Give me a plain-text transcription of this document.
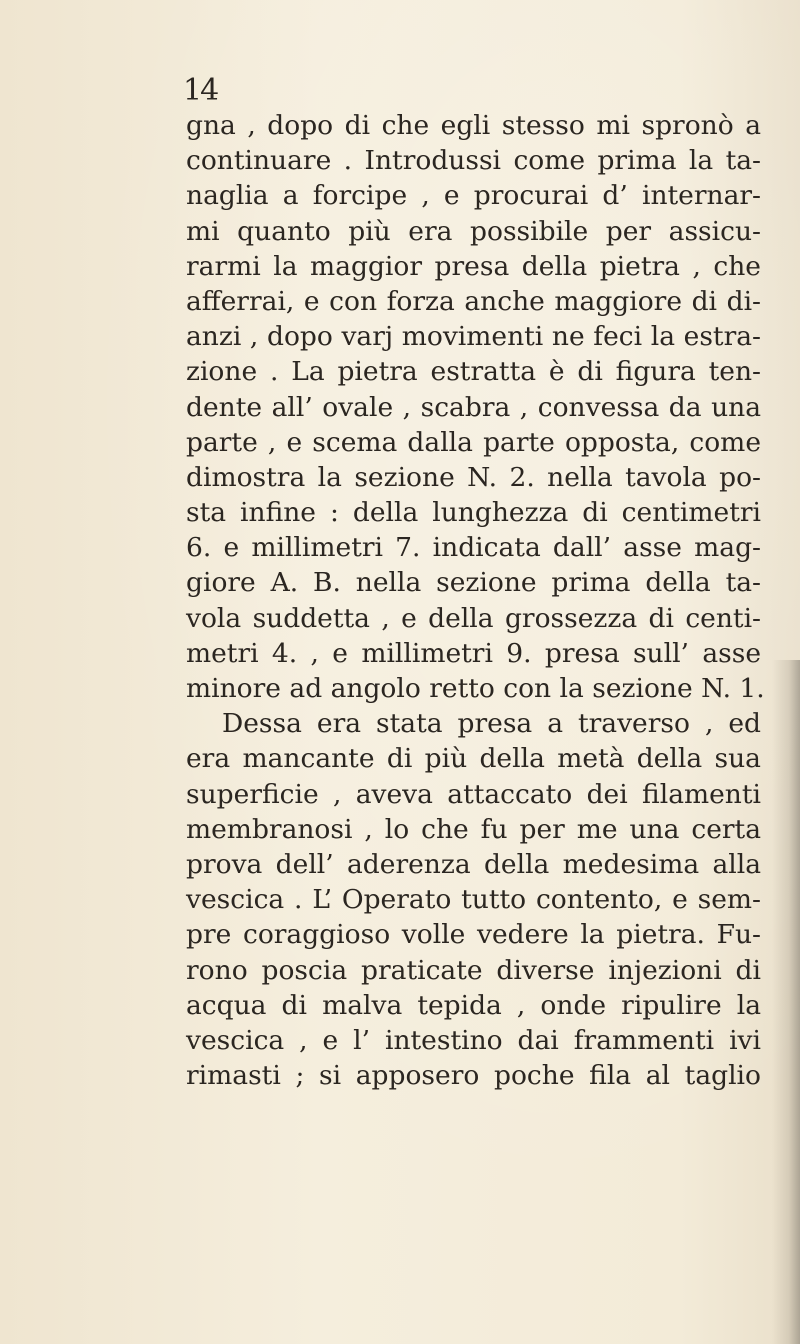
14
gna , dopo di che egli stesso mi spronò a
continuare . Introdussi come prima la ta-
naglia a forcipe , e procurai d’ internar-
mi quanto più era possibile per assicu-
rarmi la maggior presa della pietra , che
afferrai, e con forza anche maggiore di di-
anzi , dopo varj movimenti ne feci la estra-
zione . La pietra estratta è di figura ten-
dente all’ ovale , scabra , convessa da una
parte , e scema dalla parte opposta, come
dimostra la sezione N. 2. nella tavola po-
sta infine : della lunghezza di centimetri
6. e millimetri 7. indicata dall’ asse mag-
giore A. B. nella sezione prima della ta-
vola suddetta , e della grossezza di centi-
metri 4. , e millimetri 9. presa sull’ asse
minore ad angolo retto con la sezione N. 1.
Dessa era stata presa a traverso , ed
era mancante di più della metà della sua
superficie , aveva attaccato dei filamenti
membranosi , lo che fu per me una certa
prova dell’ aderenza della medesima alla
vescica . L’ Operato tutto contento, e sem-
pre coraggioso volle vedere la pietra. Fu-
rono poscia praticate diverse injezioni di
acqua di malva tepida , onde ripulire la
vescica , e l’ intestino dai frammenti ivi
rimasti ; si apposero poche fila al taglio
